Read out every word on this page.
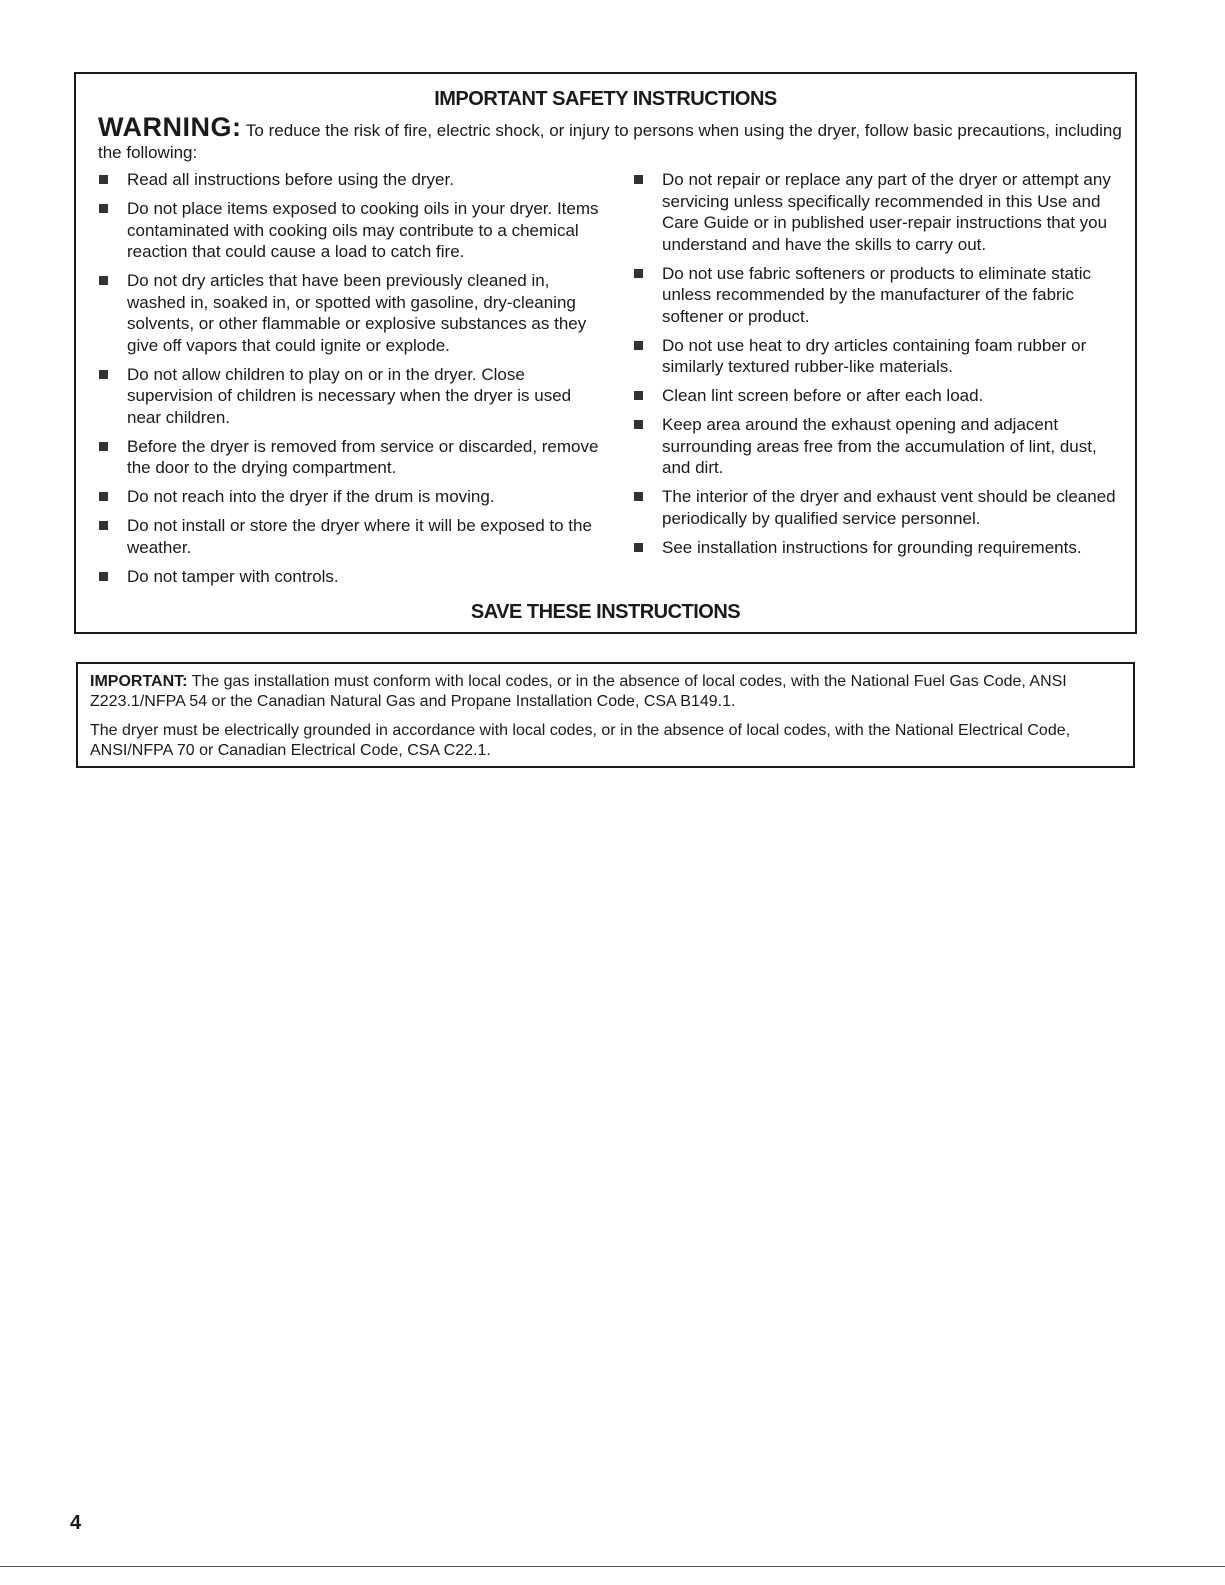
IMPORTANT SAFETY INSTRUCTIONS
WARNING: To reduce the risk of fire, electric shock, or injury to persons when using the dryer, follow basic precautions, including the following:
Read all instructions before using the dryer.
Do not place items exposed to cooking oils in your dryer. Items contaminated with cooking oils may contribute to a chemical reaction that could cause a load to catch fire.
Do not dry articles that have been previously cleaned in, washed in, soaked in, or spotted with gasoline, dry-cleaning solvents, or other flammable or explosive substances as they give off vapors that could ignite or explode.
Do not allow children to play on or in the dryer. Close supervision of children is necessary when the dryer is used near children.
Before the dryer is removed from service or discarded, remove the door to the drying compartment.
Do not reach into the dryer if the drum is moving.
Do not install or store the dryer where it will be exposed to the weather.
Do not tamper with controls.
Do not repair or replace any part of the dryer or attempt any servicing unless specifically recommended in this Use and Care Guide or in published user-repair instructions that you understand and have the skills to carry out.
Do not use fabric softeners or products to eliminate static unless recommended by the manufacturer of the fabric softener or product.
Do not use heat to dry articles containing foam rubber or similarly textured rubber-like materials.
Clean lint screen before or after each load.
Keep area around the exhaust opening and adjacent surrounding areas free from the accumulation of lint, dust, and dirt.
The interior of the dryer and exhaust vent should be cleaned periodically by qualified service personnel.
See installation instructions for grounding requirements.
SAVE THESE INSTRUCTIONS

IMPORTANT: The gas installation must conform with local codes, or in the absence of local codes, with the National Fuel Gas Code, ANSI Z223.1/NFPA 54 or the Canadian Natural Gas and Propane Installation Code, CSA B149.1.

The dryer must be electrically grounded in accordance with local codes, or in the absence of local codes, with the National Electrical Code, ANSI/NFPA 70 or Canadian Electrical Code, CSA C22.1.

4
